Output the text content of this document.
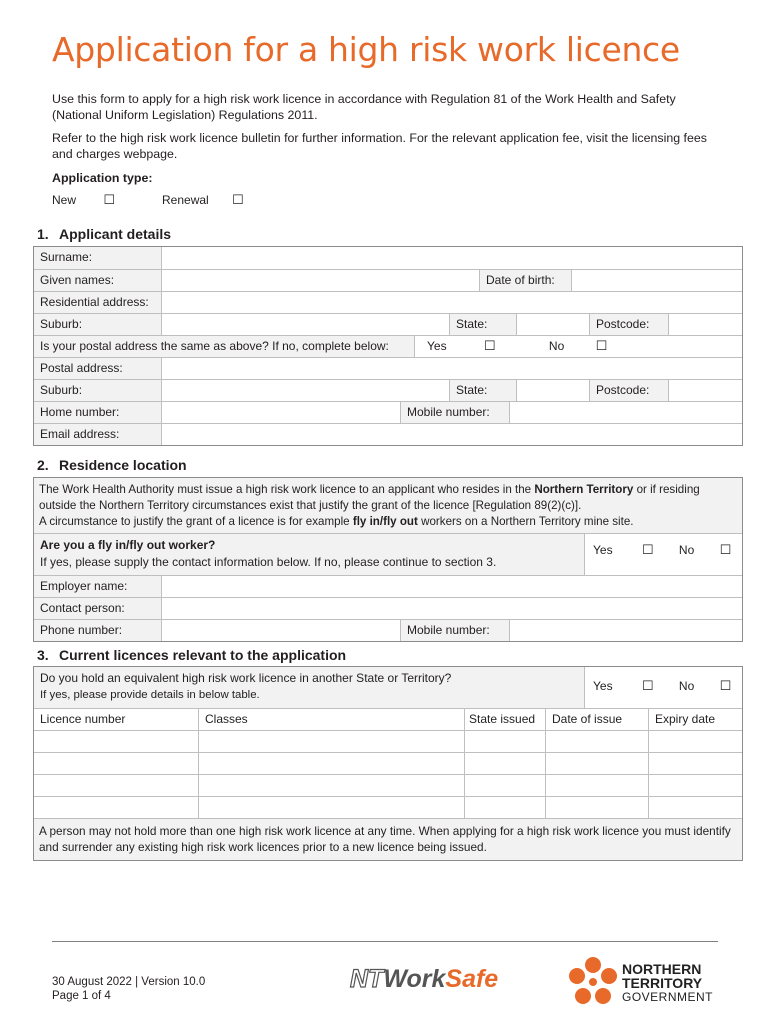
Application for a high risk work licence
Use this form to apply for a high risk work licence in accordance with Regulation 81 of the Work Health and Safety (National Uniform Legislation) Regulations 2011.
Refer to the high risk work licence bulletin for further information. For the relevant application fee, visit the licensing fees and charges webpage.
Application type:
New ☐	Renewal ☐
1. Applicant details
Surname:
Given names:	Date of birth:
Residential address:
Suburb:	State:	Postcode:
Is your postal address the same as above? If no, complete below:	Yes	☐	No ☐
Postal address:
Suburb:	State:	Postcode:
Home number:	Mobile number:
Email address:
2. Residence location
The Work Health Authority must issue a high risk work licence to an applicant who resides in the Northern Territory or if residing outside the Northern Territory circumstances exist that justify the grant of the licence [Regulation 89(2)(c)].
A circumstance to justify the grant of a licence is for example fly in/fly out workers on a Northern Territory mine site.
Are you a fly in/fly out worker?
If yes, please supply the contact information below. If no, please continue to section 3.
Yes ☐ No ☐
Employer name:
Contact person:
Phone number:	Mobile number:
3. Current licences relevant to the application
Do you hold an equivalent high risk work licence in another State or Territory?
If yes, please provide details in below table.
Yes ☐ No ☐
Licence number	Classes	State issued	Date of issue	Expiry date
A person may not hold more than one high risk work licence at any time. When applying for a high risk work licence you must identify and surrender any existing high risk work licences prior to a new licence being issued.
30 August 2022 | Version 10.0
Page 1 of 4
NTWorkSafe	NORTHERN
TERRITORY
GOVERNMENT
